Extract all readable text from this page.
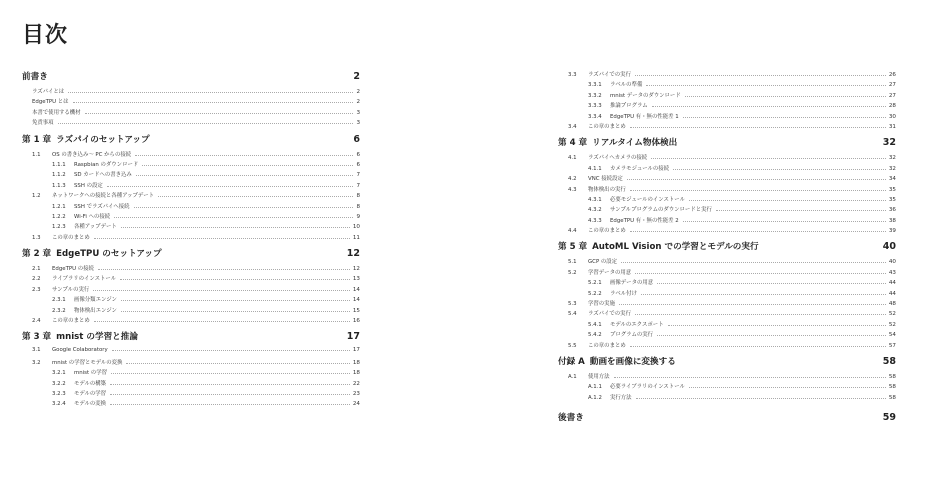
目次
前書き	2
ラズパイとは	2
EdgeTPU とは	2
本書で使用する機材	3
免責事項	3
第 1 章 ラズパイのセットアップ	6
1.1	OS の書き込み〜 PC からの接続	6
1.1.1	Raspbian のダウンロード	6
1.1.2	SD カードへの書き込み	7
1.1.3	SSH の設定	7
1.2	ネットワークへの接続と各種アップデート	8
1.2.1	SSH でラズパイへ接続	8
1.2.2	Wi-Fi への接続	9
1.2.3	各種アップデート	10
1.3	この章のまとめ	11
第 2 章 EdgeTPU のセットアップ	12
2.1	EdgeTPU の接続	12
2.2	ライブラリのインストール	13
2.3	サンプルの実行	14
2.3.1	画像分類エンジン	14
2.3.2	物体検出エンジン	15
2.4	この章のまとめ	16
第 3 章 mnist の学習と推論	17
3.1	Google Colaboratory	17
3.2	mnist の学習とモデルの変換	18
3.2.1	mnist の学習	18
3.2.2	モデルの構築	22
3.2.3	モデルの学習	23
3.2.4	モデルの変換	24
3.3	ラズパイでの実行	26
3.3.1	ラベルの準備	27
3.3.2	mnist データのダウンロード	27
3.3.3	推論プログラム	28
3.3.4	EdgeTPU 有・無の性能差 1	30
3.4	この章のまとめ	31
第 4 章 リアルタイム物体検出	32
4.1	ラズパイへカメラの接続	32
4.1.1	カメラモジュールの接続	32
4.2	VNC 接続設定	34
4.3	物体検出の実行	35
4.3.1	必要モジュールのインストール	35
4.3.2	サンプルプログラムのダウンロードと実行	36
4.3.3	EdgeTPU 有・無の性能差 2	38
4.4	この章のまとめ	39
第 5 章 AutoML Vision での学習とモデルの実行	40
5.1	GCP の設定	40
5.2	学習データの用意	43
5.2.1	画像データの用意	44
5.2.2	ラベル付け	44
5.3	学習の実施	48
5.4	ラズパイでの実行	52
5.4.1	モデルのエクスポート	52
5.4.2	プログラムの実行	54
5.5	この章のまとめ	57
付録 A 動画を画像に変換する	58
A.1	使用方法	58
A.1.1	必要ライブラリのインストール	58
A.1.2	実行方法	58
後書き	59
